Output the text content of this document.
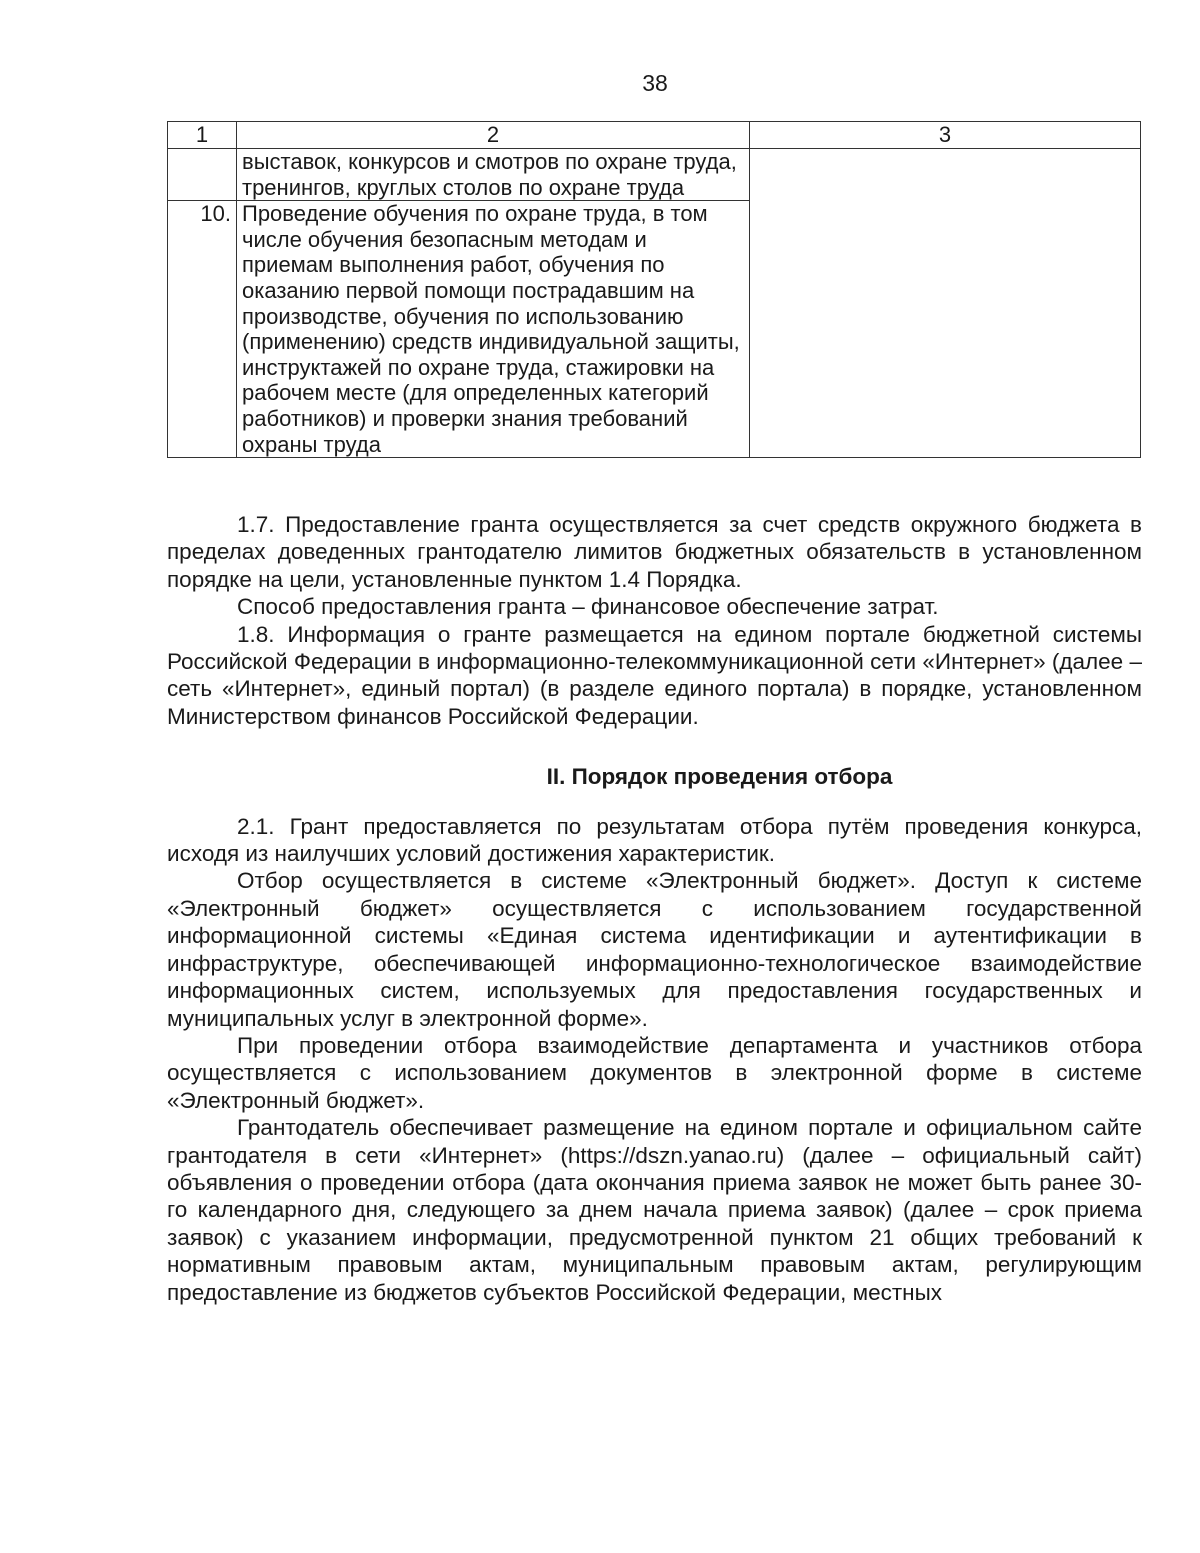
38
1	2	3
	выставок, конкурсов и смотров по охране труда, тренингов, круглых столов по охране труда	
10.	Проведение обучения по охране труда, в том числе обучения безопасным методам и приемам выполнения работ, обучения по оказанию первой помощи пострадавшим на производстве, обучения по использованию (применению) средств индивидуальной защиты, инструктажей по охране труда, стажировки на рабочем месте (для определенных категорий работников) и проверки знания требований охраны труда	

1.7. Предоставление гранта осуществляется за счет средств окружного бюджета в пределах доведенных грантодателю лимитов бюджетных обязательств в установленном порядке на цели, установленные пунктом 1.4 Порядка.

Способ предоставления гранта – финансовое обеспечение затрат.

1.8. Информация о гранте размещается на едином портале бюджетной системы Российской Федерации в информационно-телекоммуникационной сети «Интернет» (далее – сеть «Интернет», единый портал) (в разделе единого портала) в порядке, установленном Министерством финансов Российской Федерации.

II. Порядок проведения отбора

2.1. Грант предоставляется по результатам отбора путём проведения конкурса, исходя из наилучших условий достижения характеристик.

Отбор осуществляется в системе «Электронный бюджет». Доступ к системе «Электронный бюджет» осуществляется с использованием государственной информационной системы «Единая система идентификации и аутентификации в инфраструктуре, обеспечивающей информационно-технологическое взаимодействие информационных систем, используемых для предоставления государственных и муниципальных услуг в электронной форме».

При проведении отбора взаимодействие департамента и участников отбора осуществляется с использованием документов в электронной форме в системе «Электронный бюджет».

Грантодатель обеспечивает размещение на едином портале и официальном сайте грантодателя в сети «Интернет» (https://dszn.yanao.ru) (далее – официальный сайт) объявления о проведении отбора (дата окончания приема заявок не может быть ранее 30-го календарного дня, следующего за днем начала приема заявок) (далее – срок приема заявок) с указанием информации, предусмотренной пунктом 21 общих требований к нормативным правовым актам, муниципальным правовым актам, регулирующим предоставление из бюджетов субъектов Российской Федерации, местных
